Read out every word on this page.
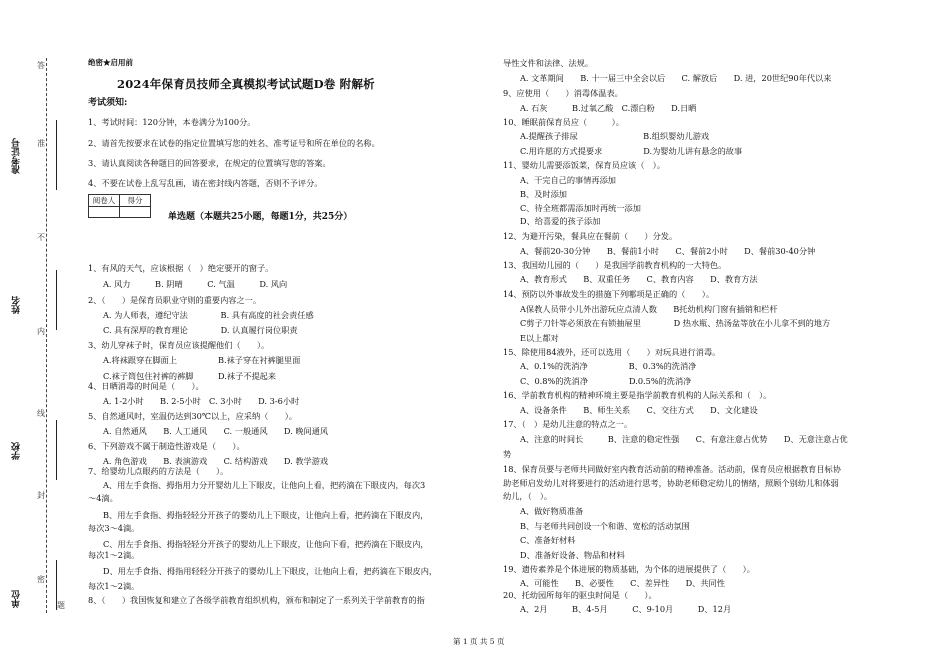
准考证号
姓名
学校
单位
答
准
不
内
线
封
密
题
绝密★启用前
2024年保育员技师全真模拟考试试题D卷 附解析
考试须知:
1、考试时间：120分钟，本卷满分为100分。
2、请首先按要求在试卷的指定位置填写您的姓名、准考证号和所在单位的名称。
3、请认真阅读各种题目的回答要求，在规定的位置填写您的答案。
4、不要在试卷上乱写乱画，请在密封线内答题，否则不予评分。
阅卷人	得分

单选题（本题共25小题，每题1分，共25分）
1、有风的天气，应该根据（　）绝定要开的窗子。
A. 风力　　　B. 阴晴　　　C. 气温　　　D. 风向
2、（　　）是保育员职业守则的重要内容之一。
A. 为人师表，遵纪守法　　　　B. 具有高度的社会责任感
C. 具有深厚的教育理论　　　　D. 认真履行岗位职责
3、幼儿穿袜子时，保育员应该提醒他们（　　）。
A.将袜跟穿在脚面上　　　　　B.袜子穿在衬裤腿里面
C.袜子筒包住衬裤的裤脚　　　D.袜子不提起来
4、日晒消毒的时间是（　　）。
A. 1-2小时　　B. 2-5小时　C. 3小时　　D. 3-6小时
5、自然通风时，室温仍达到30℃以上，应采纳（　　）。
A. 自然通风　　B. 人工通风　　C. 一般通风　　D. 晚间通风
6、下列游戏不属于制造性游戏是（　　）。
A. 角色游戏　　B. 表演游戏　　C. 结构游戏　　D. 教学游戏
7、给婴幼儿点眼药的方法是（　　）。
A、用左手食指、拇指用力分开婴幼儿上下眼皮，让他向上看，把药滴在下眼皮内，每次3
～4滴。
B、用左手食指、拇指轻轻分开孩子的婴幼儿上下眼皮，让他向上看，把药滴在下眼皮内，
每次3～4滴。
C、用左手食指、拇指轻轻分开孩子的婴幼儿上下眼皮，让他向下看，把药滴在下眼皮内，
每次1～2滴。
D、用左手食指、拇指用轻轻分开孩子的婴幼儿上下眼皮，让他向上看，把药滴在下眼皮内，
每次1～2滴。
8、（　　）我国恢复和建立了各级学前教育组织机构，颁布和制定了一系列关于学前教育的指
导性文件和法律、法规。
A. 文革期间　　B. 十一届三中全会以后　　C. 解放后　　D. 进，20世纪90年代以来
9、应使用（　　）消毒体温表。
A. 石灰　　　B.过氧乙酸　C.漂白粉　　D.日晒
10、睡眠前保育员应（　　　）。
A.提醒孩子排尿　　　　　　　　B.组织婴幼儿游戏
C.用许愿的方式提要求　　　　　D.为婴幼儿讲有悬念的故事
11、婴幼儿需要添饭菜，保育员应该（　）。
A、干完自己的事情再添加
B、及时添加
C、待全班都需添加时再统一添加
D、给喜爱的孩子添加
12、为避开污染，餐具应在餐前（　　）分发。
A、餐前20-30分钟　　B、餐前1小时　　C、餐前2小时　　D、餐前30-40分钟
13、我国幼儿园的（　　）是我国学前教育机构的一大特色。
A、教育形式　　B、双重任务　　C、教育内容　　D、教育方法
14、预防以外事故发生的措施下列哪项是正确的（　　）。
A保教人员带小儿外出游玩应点清人数　　B托幼机构门窗有插销和栏杆
C剪子刀针等必须放在有锁抽屉里　　　　D 热水瓶、热汤盆等放在小儿拿不到的地方
E以上都对
15、除使用84液外，还可以选用（　　）对玩具进行消毒。
A、0.1%的洗消净　　　　　B、0.3%的洗消净
C、0.8%的洗消净　　　　　D.0.5%的洗消净
16、学前教育机构的精神环境主要是指学前教育机构的人际关系和（　）。
A、设备条件　　B、师生关系　　C、交往方式　　D、文化建设
17、（　）是幼儿注意的特点之一。
A、注意的时间长　　　B、注意的稳定性强　　C、有意注意占优势　　D、无意注意占优
势
18、保育员要与老师共同做好室内教育活动前的精神准备。活动前，保育员应根据教育目标协
助老师启发幼儿对将要进行的活动进行思考，协助老师稳定幼儿的情绪，照顾个别幼儿和体弱
幼儿，（　）。
A、做好物质准备
B、与老师共同创设一个和谐、宽松的活动氛围
C、准备好材料
D、准备好设备、物品和材料
19、遗传素养是个体进展的物质基础，为个体的进展提供了（　　）。
A、可能性　　B、必要性　　C、差异性　　D、共同性
20、托幼园所每年的驱虫时间是（　　）。
A、2月　　　B、4-5月　　　C、9-10月　　　D、12月
第 1 页 共 5 页
